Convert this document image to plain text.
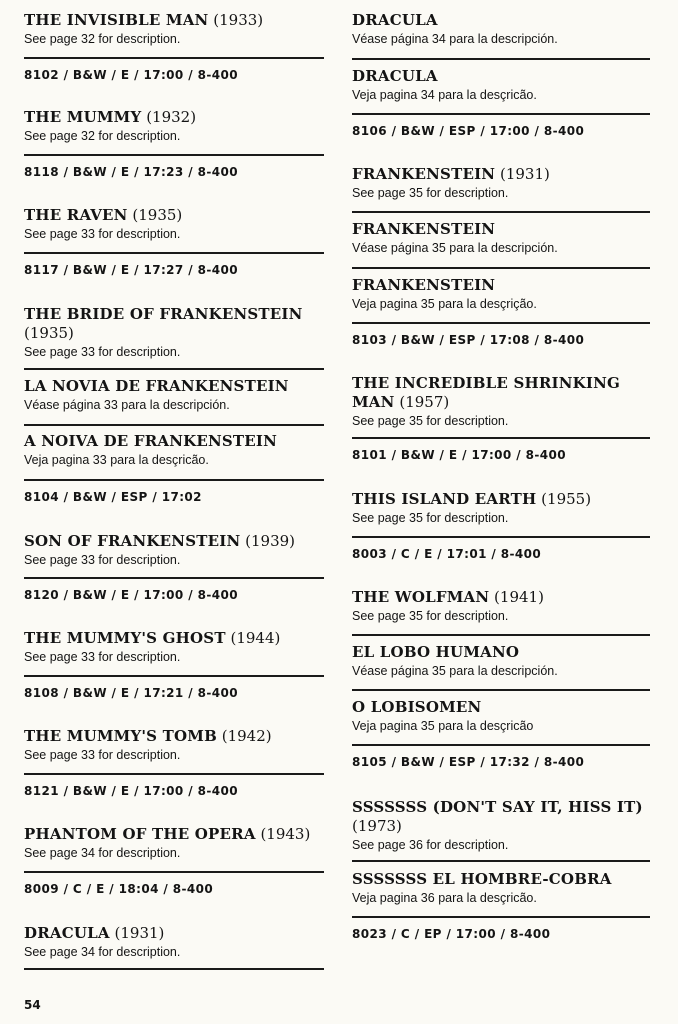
THE INVISIBLE MAN (1933)
See page 32 for description.
8102 / B&W / E / 17:00 / 8-400
THE MUMMY (1932)
See page 32 for description.
8118 / B&W / E / 17:23 / 8-400
THE RAVEN (1935)
See page 33 for description.
8117 / B&W / E / 17:27 / 8-400
THE BRIDE OF FRANKENSTEIN
(1935)
See page 33 for description.
LA NOVIA DE FRANKENSTEIN
Véase página 33 para la descripción.
A NOIVA DE FRANKENSTEIN
Veja pagina 33 para la desçricão.
8104 / B&W / ESP / 17:02
SON OF FRANKENSTEIN (1939)
See page 33 for description.
8120 / B&W / E / 17:00 / 8-400
THE MUMMY'S GHOST (1944)
See page 33 for description.
8108 / B&W / E / 17:21 / 8-400
THE MUMMY'S TOMB (1942)
See page 33 for description.
8121 / B&W / E / 17:00 / 8-400
PHANTOM OF THE OPERA (1943)
See page 34 for description.
8009 / C / E / 18:04 / 8-400
DRACULA (1931)
See page 34 for description.
DRACULA
Véase página 34 para la descripción.
DRACULA
Veja pagina 34 para la desçricão.
8106 / B&W / ESP / 17:00 / 8-400
FRANKENSTEIN (1931)
See page 35 for description.
FRANKENSTEIN
Véase página 35 para la descripción.
FRANKENSTEIN
Veja pagina 35 para la desçrição.
8103 / B&W / ESP / 17:08 / 8-400
THE INCREDIBLE SHRINKING MAN (1957)
See page 35 for description.
8101 / B&W / E / 17:00 / 8-400
THIS ISLAND EARTH (1955)
See page 35 for description.
8003 / C / E / 17:01 / 8-400
THE WOLFMAN (1941)
See page 35 for description.
EL LOBO HUMANO
Véase página 35 para la descripción.
O LOBISOMEN
Veja pagina 35 para la desçricão
8105 / B&W / ESP / 17:32 / 8-400
SSSSSSS (DON'T SAY IT, HISS IT) (1973)
See page 36 for description.
SSSSSSS EL HOMBRE-COBRA
Veja pagina 36 para la desçricão.
8023 / C / EP / 17:00 / 8-400
54
